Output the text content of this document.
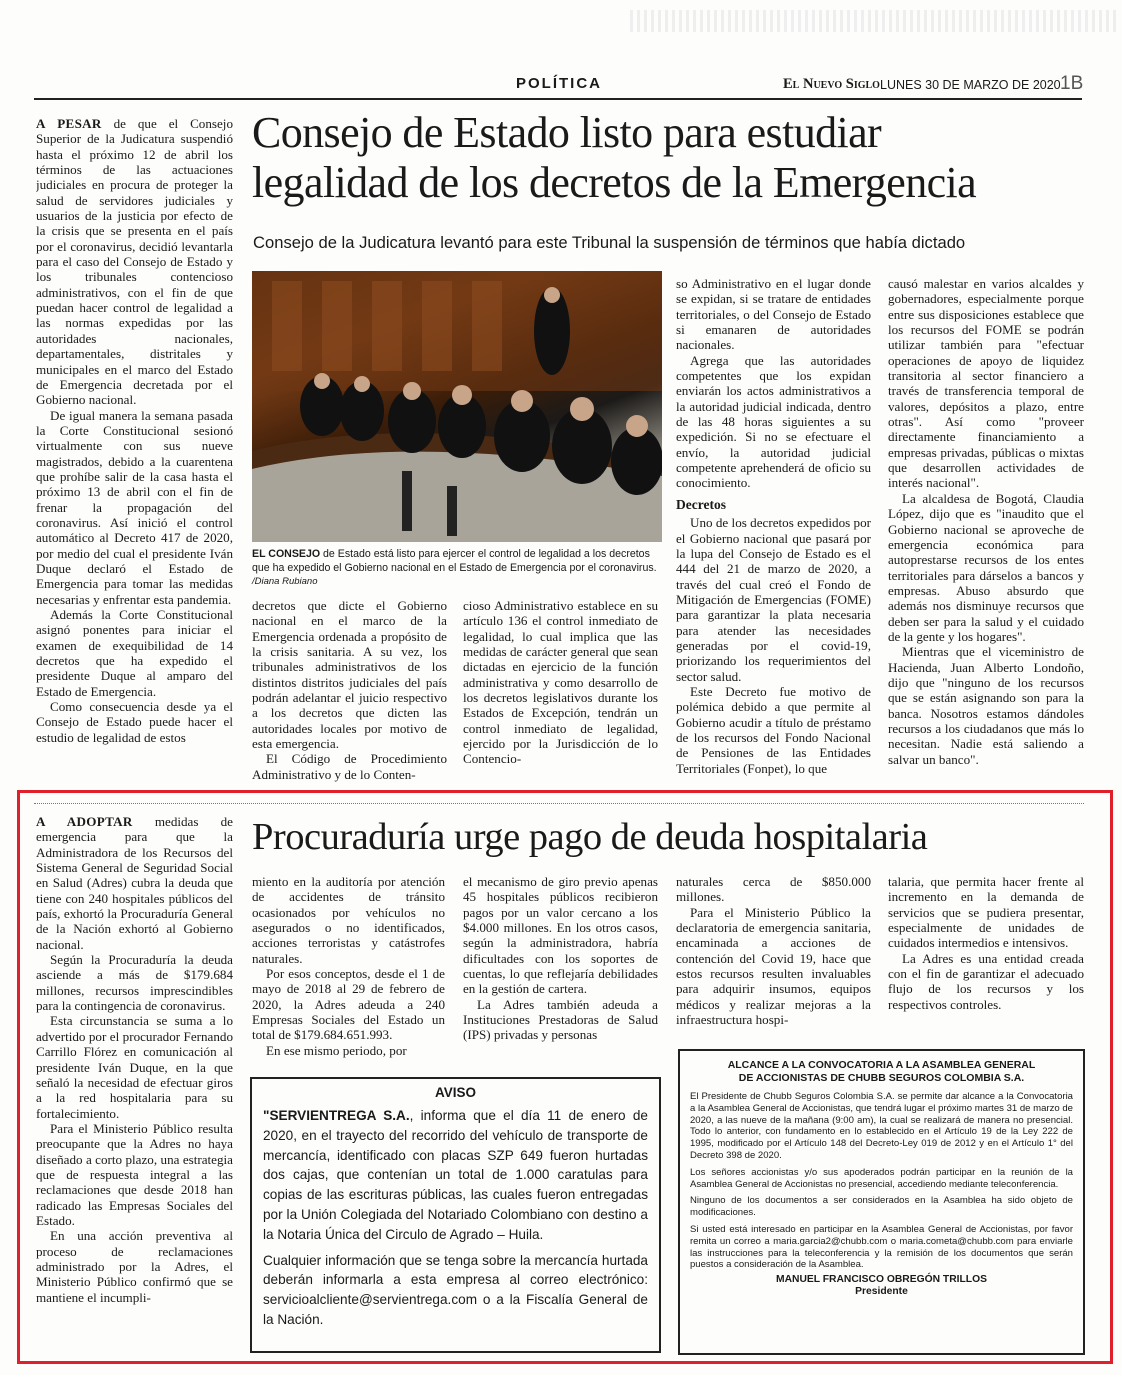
POLÍTICA	El Nuevo Siglo LUNES 30 DE MARZO DE 2020 1B

A PESAR de que el Consejo Superior de la Judicatura suspendió hasta el próximo 12 de abril los términos de las actuaciones judiciales en procura de proteger la salud de servidores judiciales y usuarios de la justicia por efecto de la crisis que se presenta en el país por el coronavirus, decidió levantarla para el caso del Consejo de Estado y los tribunales contencioso administrativos, con el fin de que puedan hacer control de legalidad a las normas expedidas por las autoridades nacionales, departamentales, distritales y municipales en el marco del Estado de Emergencia decretada por el Gobierno nacional.

De igual manera la semana pasada la Corte Constitucional sesionó virtualmente con sus nueve magistrados, debido a la cuarentena que prohíbe salir de la casa hasta el próximo 13 de abril con el fin de frenar la propagación del coronavirus. Así inició el control automático al Decreto 417 de 2020, por medio del cual el presidente Iván Duque declaró el Estado de Emergencia para tomar las medidas necesarias y enfrentar esta pandemia.

Además la Corte Constitucional asignó ponentes para iniciar el examen de exequibilidad de 14 decretos que ha expedido el presidente Duque al amparo del Estado de Emergencia.

Como consecuencia desde ya el Consejo de Estado puede hacer el estudio de legalidad de estos

Consejo de Estado listo para estudiar
legalidad de los decretos de la Emergencia
Consejo de la Judicatura levantó para este Tribunal la suspensión de términos que había dictado
EL CONSEJO de Estado está listo para ejercer el control de legalidad a los decretos que ha expedido el Gobierno nacional en el Estado de Emergencia por el coronavirus. /Diana Rubiano

decretos que dicte el Gobierno nacional en el marco de la Emergencia ordenada a propósito de la crisis sanitaria. A su vez, los tribunales administrativos de los distintos distritos judiciales del país podrán adelantar el juicio respectivo a los decretos que dicten las autoridades locales por motivo de esta emergencia.

El Código de Procedimiento Administrativo y de lo Conten-

cioso Administrativo establece en su artículo 136 el control inmediato de legalidad, lo cual implica que las medidas de carácter general que sean dictadas en ejercicio de la función administrativa y como desarrollo de los decretos legislativos durante los Estados de Excepción, tendrán un control inmediato de legalidad, ejercido por la Jurisdicción de lo Contencio-

so Administrativo en el lugar donde se expidan, si se tratare de entidades territoriales, o del Consejo de Estado si emanaren de autoridades nacionales.

Agrega que las autoridades competentes que los expidan enviarán los actos administrativos a la autoridad judicial indicada, dentro de las 48 horas siguientes a su expedición. Si no se efectuare el envío, la autoridad judicial competente aprehenderá de oficio su conocimiento.

Decretos

Uno de los decretos expedidos por el Gobierno nacional que pasará por la lupa del Consejo de Estado es el 444 del 21 de marzo de 2020, a través del cual creó el Fondo de Mitigación de Emergencias (FOME) para garantizar la plata necesaria para atender las necesidades generadas por el covid-19, priorizando los requerimientos del sector salud.

Este Decreto fue motivo de polémica debido a que permite al Gobierno acudir a título de préstamo de los recursos del Fondo Nacional de Pensiones de las Entidades Territoriales (Fonpet), lo que

causó malestar en varios alcaldes y gobernadores, especialmente porque entre sus disposiciones establece que los recursos del FOME se podrán utilizar también para "efectuar operaciones de apoyo de liquidez transitoria al sector financiero a través de transferencia temporal de valores, depósitos a plazo, entre otras". Así como "proveer directamente financiamiento a empresas privadas, públicas o mixtas que desarrollen actividades de interés nacional".

La alcaldesa de Bogotá, Claudia López, dijo que es "inaudito que el Gobierno nacional se aproveche de emergencia económica para autoprestarse recursos de los entes territoriales para dárselos a bancos y empresas. Abuso absurdo que además nos disminuye recursos que deben ser para la salud y el cuidado de la gente y los hogares".

Mientras que el viceministro de Hacienda, Juan Alberto Londoño, dijo que "ninguno de los recursos que se están asignando son para la banca. Nosotros estamos dándoles recursos a los ciudadanos que más lo necesitan. Nadie está saliendo a salvar un banco".

A ADOPTAR medidas de emergencia para que la Administradora de los Recursos del Sistema General de Seguridad Social en Salud (Adres) cubra la deuda que tiene con 240 hospitales públicos del país, exhortó la Procuraduría General de la Nación exhortó al Gobierno nacional.

Según la Procuraduría la deuda asciende a más de $179.684 millones, recursos imprescindibles para la contingencia de coronavirus.

Esta circunstancia se suma a lo advertido por el procurador Fernando Carrillo Flórez en comunicación al presidente Iván Duque, en la que señaló la necesidad de efectuar giros a la red hospitalaria para su fortalecimiento.

Para el Ministerio Público resulta preocupante que la Adres no haya diseñado a corto plazo, una estrategia que de respuesta integral a las reclamaciones que desde 2018 han radicado las Empresas Sociales del Estado.

En una acción preventiva al proceso de reclamaciones administrado por la Adres, el Ministerio Público confirmó que se mantiene el incumpli-

Procuraduría urge pago de deuda hospitalaria

miento en la auditoría por atención de accidentes de tránsito ocasionados por vehículos no asegurados o no identificados, acciones terroristas y catástrofes naturales.

Por esos conceptos, desde el 1 de mayo de 2018 al 29 de febrero de 2020, la Adres adeuda a 240 Empresas Sociales del Estado un total de $179.684.651.993.

En ese mismo periodo, por

el mecanismo de giro previo apenas 45 hospitales públicos recibieron pagos por un valor cercano a los $4.000 millones. En los otros casos, según la administradora, habría dificultades con los soportes de cuentas, lo que reflejaría debilidades en la gestión de cartera.

La Adres también adeuda a Instituciones Prestadoras de Salud (IPS) privadas y personas

naturales cerca de $850.000 millones.

Para el Ministerio Público la declaratoria de emergencia sanitaria, encaminada a acciones de contención del Covid 19, hace que estos recursos resulten invaluables para adquirir insumos, equipos médicos y realizar mejoras a la infraestructura hospi-

talaria, que permita hacer frente al incremento en la demanda de servicios que se pudiera presentar, especialmente de unidades de cuidados intermedios e intensivos.

La Adres es una entidad creada con el fin de garantizar el adecuado flujo de los recursos y los respectivos controles.

AVISO
"SERVIENTREGA S.A., informa que el día 11 de enero de 2020, en el trayecto del recorrido del vehículo de transporte de mercancía, identificado con placas SZP 649 fueron hurtadas dos cajas, que contenían un total de 1.000 caratulas para copias de las escrituras públicas, las cuales fueron entregadas por la Unión Colegiada del Notariado Colombiano con destino a la Notaria Única del Circulo de Agrado – Huila.
Cualquier información que se tenga sobre la mercancía hurtada deberán informarla a esta empresa al correo electrónico: servicioalcliente@servientrega.com o a la Fiscalía General de la Nación.
ALCANCE A LA CONVOCATORIA A LA ASAMBLEA GENERAL
DE ACCIONISTAS DE CHUBB SEGUROS COLOMBIA S.A.
El Presidente de Chubb Seguros Colombia S.A. se permite dar alcance a la Convocatoria a la Asamblea General de Accionistas, que tendrá lugar el próximo martes 31 de marzo de 2020, a las nueve de la mañana (9:00 am), la cual se realizará de manera no presencial. Todo lo anterior, con fundamento en lo establecido en el Artículo 19 de la Ley 222 de 1995, modificado por el Artículo 148 del Decreto-Ley 019 de 2012 y en el Artículo 1° del Decreto 398 de 2020.
Los señores accionistas y/o sus apoderados podrán participar en la reunión de la Asamblea General de Accionistas no presencial, accediendo mediante teleconferencia.
Ninguno de los documentos a ser considerados en la Asamblea ha sido objeto de modificaciones.
Si usted está interesado en participar en la Asamblea General de Accionistas, por favor remita un correo a maria.garcia2@chubb.com o maria.cometa@chubb.com para enviarle las instrucciones para la teleconferencia y la remisión de los documentos que serán puestos a consideración de la Asamblea.
MANUEL FRANCISCO OBREGÓN TRILLOS
Presidente
